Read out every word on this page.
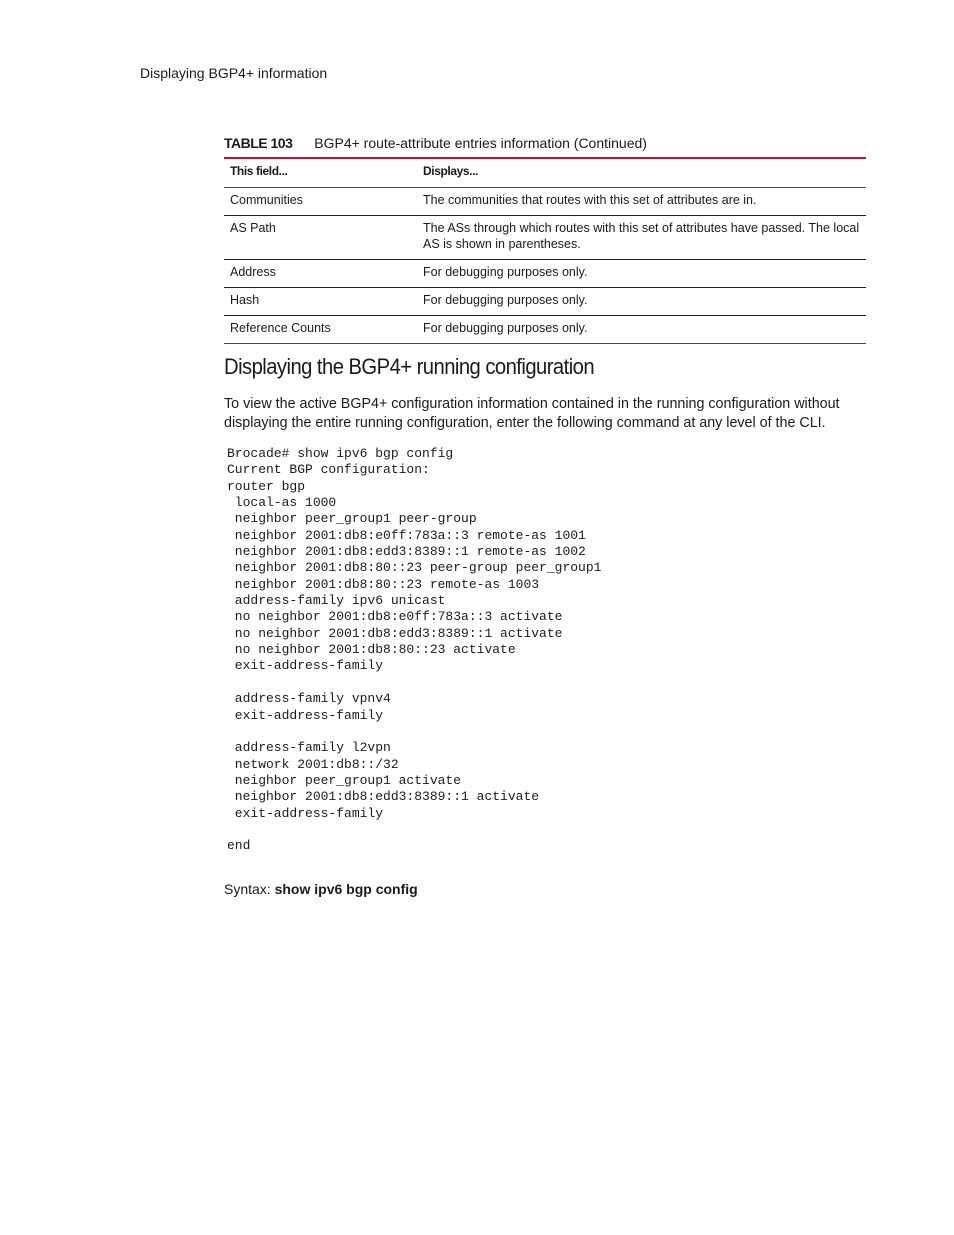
Displaying BGP4+ information
TABLE 103 BGP4+ route-attribute entries information (Continued)
This field...	Displays...
Communities	The communities that routes with this set of attributes are in.
AS Path	The ASs through which routes with this set of attributes have passed. The local AS is shown in parentheses.
Address	For debugging purposes only.
Hash	For debugging purposes only.
Reference Counts	For debugging purposes only.
Displaying the BGP4+ running configuration

To view the active BGP4+ configuration information contained in the running configuration without displaying the entire running configuration, enter the following command at any level of the CLI.

Brocade# show ipv6 bgp config
Current BGP configuration:
router bgp
local-as 1000
neighbor peer_group1 peer-group
neighbor 2001:db8:e0ff:783a::3 remote-as 1001
neighbor 2001:db8:edd3:8389::1 remote-as 1002
neighbor 2001:db8:80::23 peer-group peer_group1
neighbor 2001:db8:80::23 remote-as 1003
address-family ipv6 unicast
no neighbor 2001:db8:e0ff:783a::3 activate
no neighbor 2001:db8:edd3:8389::1 activate
no neighbor 2001:db8:80::23 activate
exit-address-family

address-family vpnv4
exit-address-family

address-family l2vpn
network 2001:db8::/32
neighbor peer_group1 activate
neighbor 2001:db8:edd3:8389::1 activate
exit-address-family

end
Syntax: show ipv6 bgp config
